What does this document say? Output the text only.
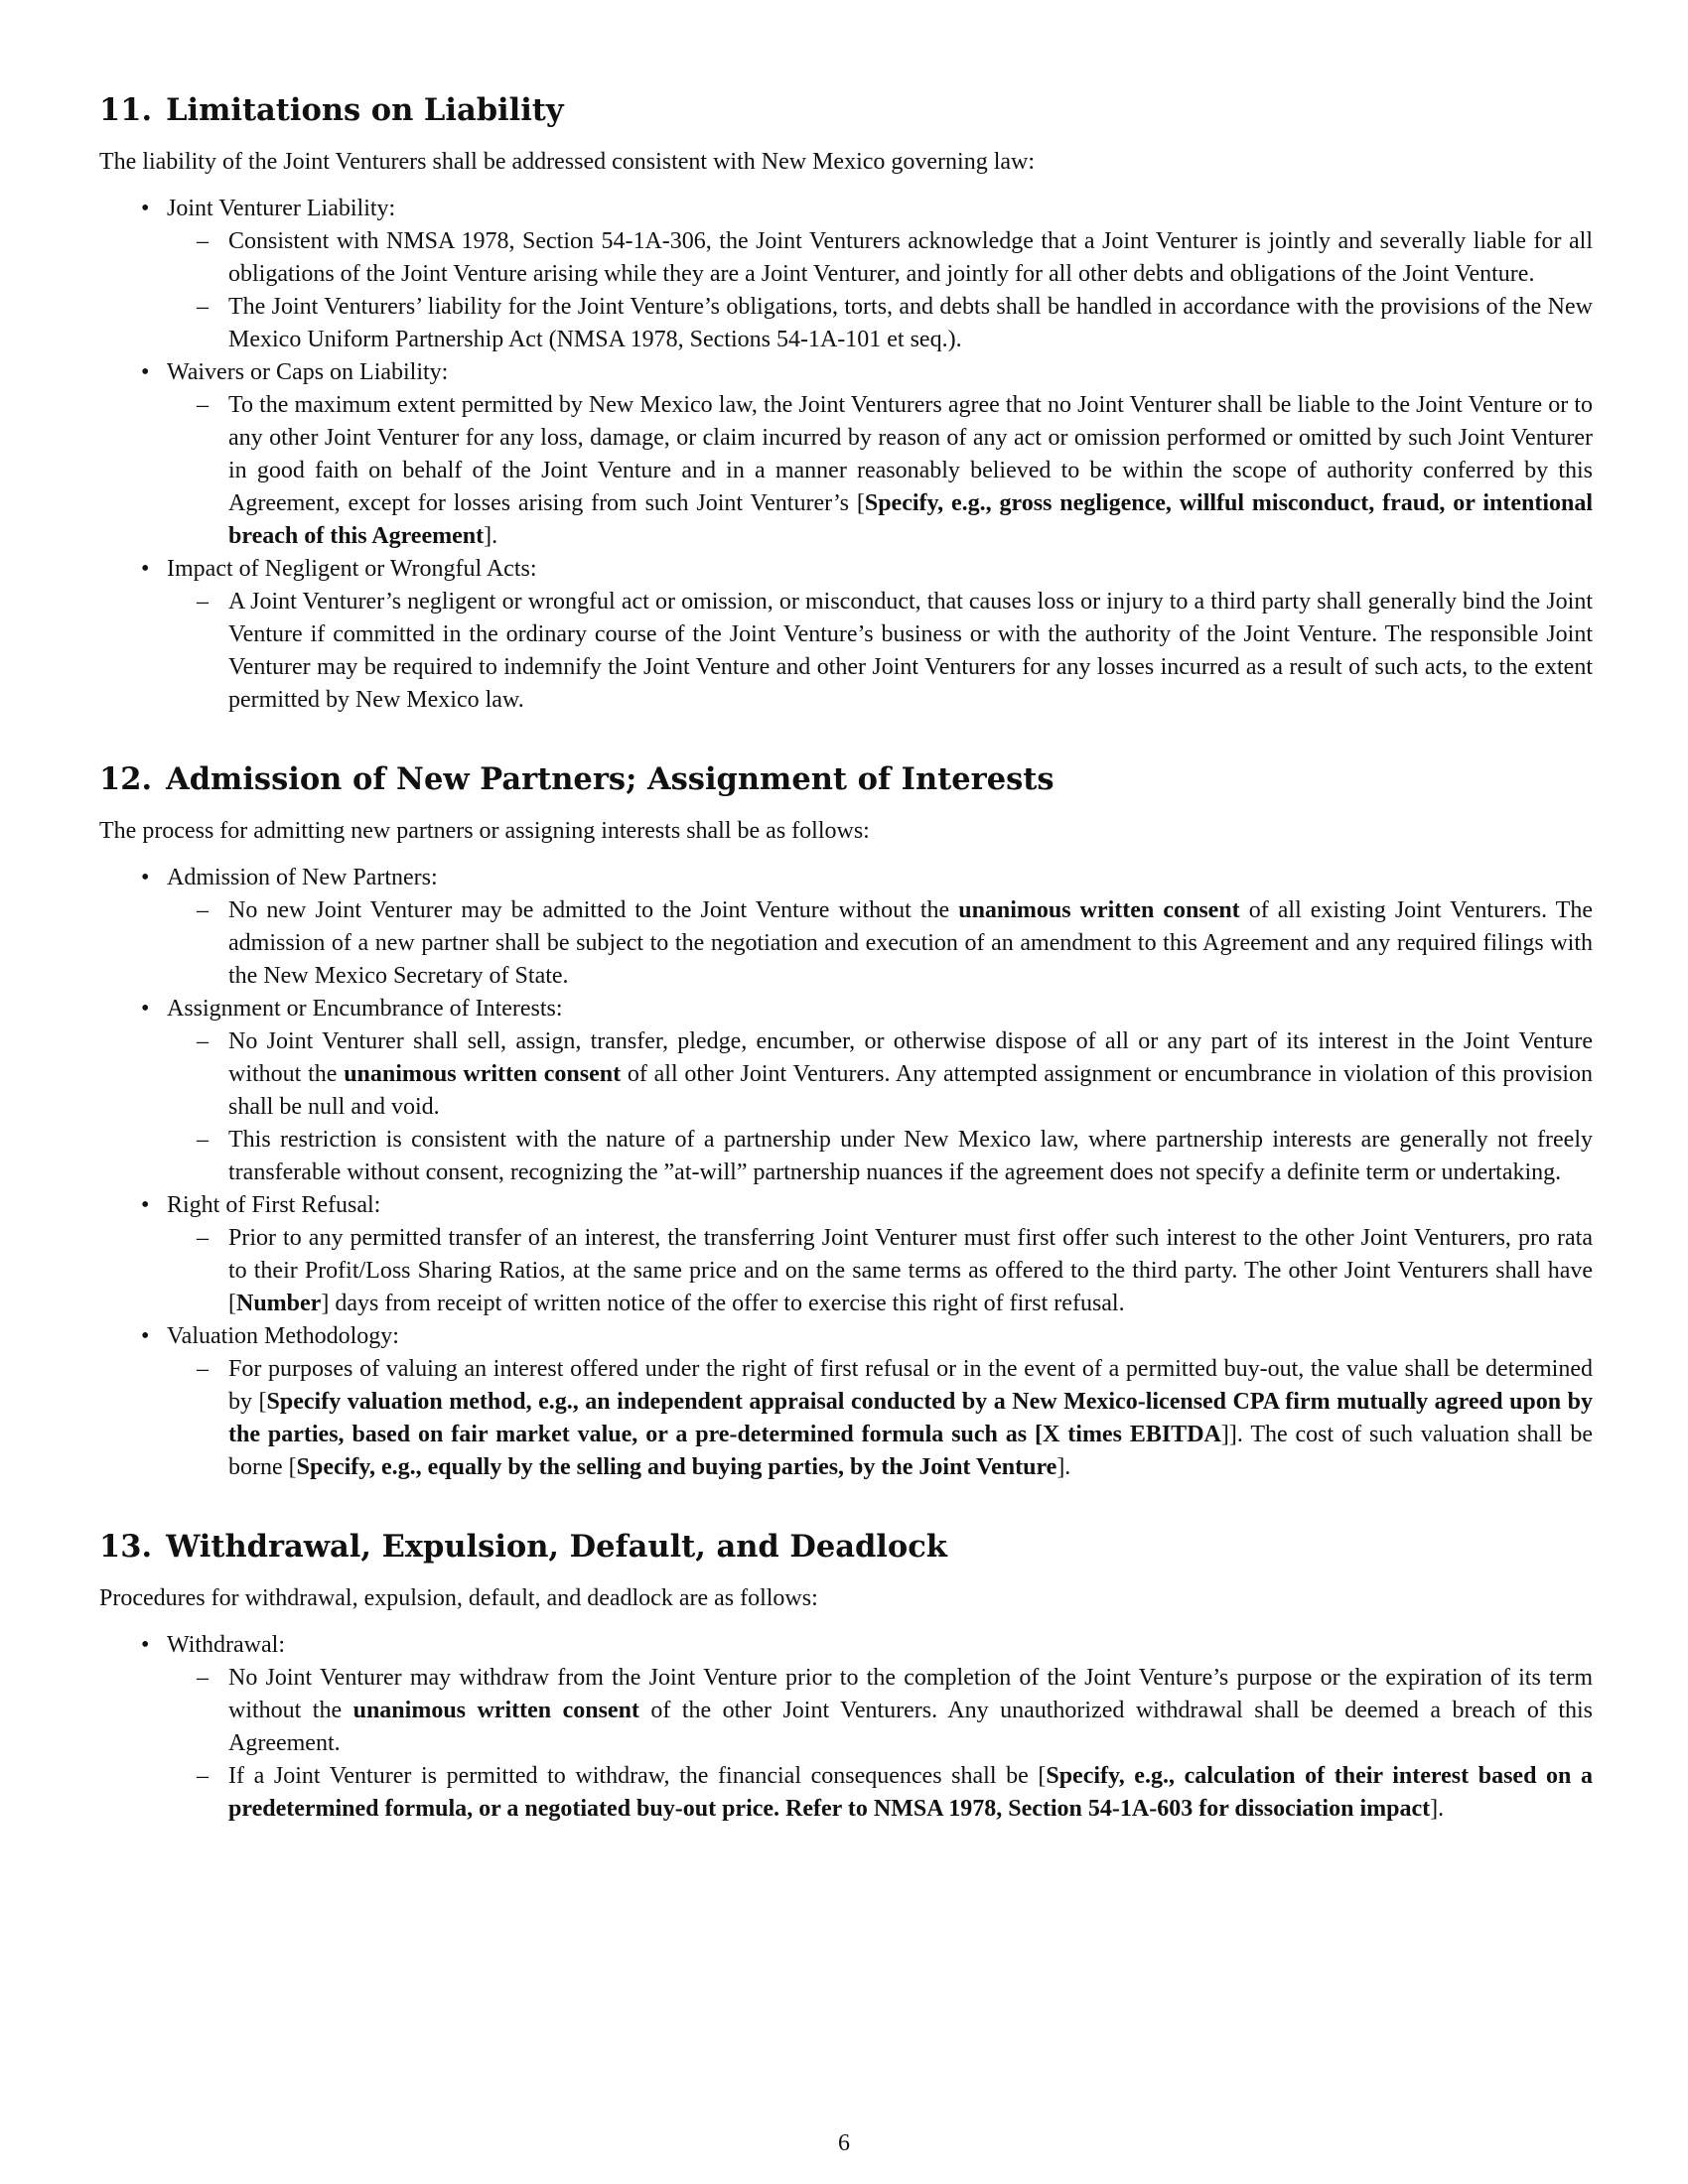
11. Limitations on Liability

The liability of the Joint Venturers shall be addressed consistent with New Mexico governing law:

• Joint Venturer Liability:
– Consistent with NMSA 1978, Section 54-1A-306, the Joint Venturers acknowledge that a Joint Venturer is jointly and severally liable for all obligations of the Joint Venture arising while they are a Joint Venturer, and jointly for all other debts and obligations of the Joint Venture.
– The Joint Venturers’ liability for the Joint Venture’s obligations, torts, and debts shall be handled in accordance with the provisions of the New Mexico Uniform Partnership Act (NMSA 1978, Sections 54-1A-101 et seq.).
• Waivers or Caps on Liability:
– To the maximum extent permitted by New Mexico law, the Joint Venturers agree that no Joint Venturer shall be liable to the Joint Venture or to any other Joint Venturer for any loss, damage, or claim incurred by reason of any act or omission performed or omitted by such Joint Venturer in good faith on behalf of the Joint Venture and in a manner reasonably believed to be within the scope of authority conferred by this Agreement, except for losses arising from such Joint Venturer’s [Specify, e.g., gross negligence, willful misconduct, fraud, or intentional breach of this Agreement].
• Impact of Negligent or Wrongful Acts:
– A Joint Venturer’s negligent or wrongful act or omission, or misconduct, that causes loss or injury to a third party shall generally bind the Joint Venture if committed in the ordinary course of the Joint Venture’s business or with the authority of the Joint Venture. The responsible Joint Venturer may be required to indemnify the Joint Venture and other Joint Venturers for any losses incurred as a result of such acts, to the extent permitted by New Mexico law.
12. Admission of New Partners; Assignment of Interests

The process for admitting new partners or assigning interests shall be as follows:

• Admission of New Partners:
– No new Joint Venturer may be admitted to the Joint Venture without the unanimous written consent of all existing Joint Venturers. The admission of a new partner shall be subject to the negotiation and execution of an amendment to this Agreement and any required filings with the New Mexico Secretary of State.
• Assignment or Encumbrance of Interests:
– No Joint Venturer shall sell, assign, transfer, pledge, encumber, or otherwise dispose of all or any part of its interest in the Joint Venture without the unanimous written consent of all other Joint Venturers. Any attempted assignment or encumbrance in violation of this provision shall be null and void.
– This restriction is consistent with the nature of a partnership under New Mexico law, where partnership interests are generally not freely transferable without consent, recognizing the ”at-will” partnership nuances if the agreement does not specify a definite term or undertaking.
• Right of First Refusal:
– Prior to any permitted transfer of an interest, the transferring Joint Venturer must first offer such interest to the other Joint Venturers, pro rata to their Profit/Loss Sharing Ratios, at the same price and on the same terms as offered to the third party. The other Joint Venturers shall have [Number] days from receipt of written notice of the offer to exercise this right of first refusal.
• Valuation Methodology:
– For purposes of valuing an interest offered under the right of first refusal or in the event of a permitted buy-out, the value shall be determined by [Specify valuation method, e.g., an independent appraisal conducted by a New Mexico-licensed CPA firm mutually agreed upon by the parties, based on fair market value, or a pre-determined formula such as [X times EBITDA]]. The cost of such valuation shall be borne [Specify, e.g., equally by the selling and buying parties, by the Joint Venture].
13. Withdrawal, Expulsion, Default, and Deadlock

Procedures for withdrawal, expulsion, default, and deadlock are as follows:

• Withdrawal:
– No Joint Venturer may withdraw from the Joint Venture prior to the completion of the Joint Venture’s purpose or the expiration of its term without the unanimous written consent of the other Joint Venturers. Any unauthorized withdrawal shall be deemed a breach of this Agreement.
– If a Joint Venturer is permitted to withdraw, the financial consequences shall be [Specify, e.g., calculation of their interest based on a predetermined formula, or a negotiated buy-out price. Refer to NMSA 1978, Section 54-1A-603 for dissociation impact].
6
